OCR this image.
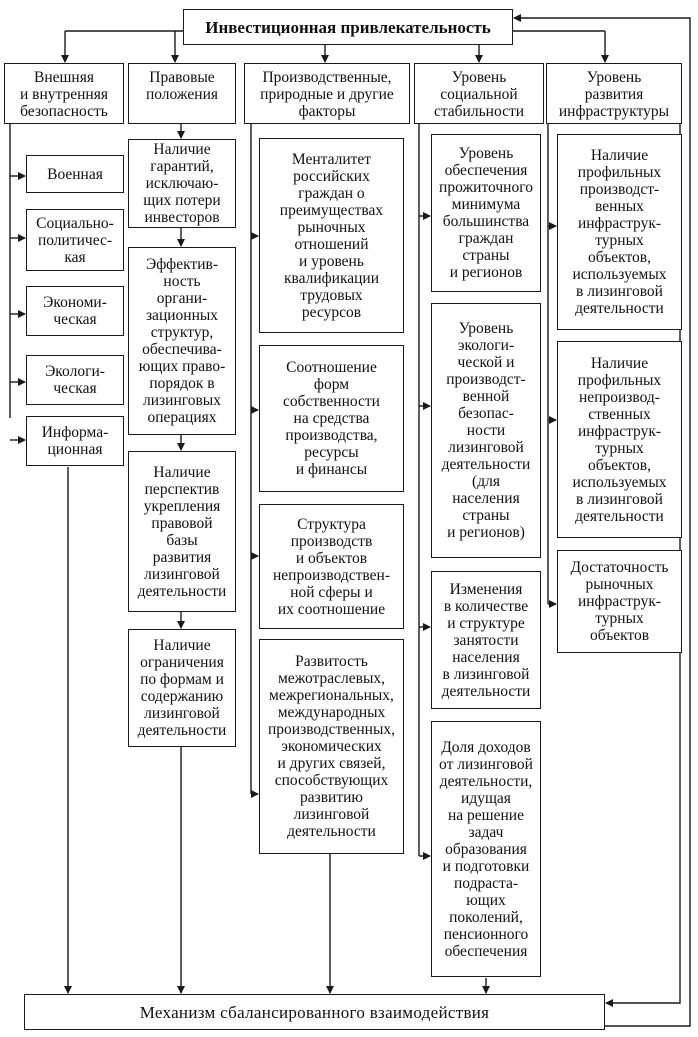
Инвестиционная привлекательность
Внешняя
и внутренняя
безопасность
Правовые
положения
Производственные,
природные и другие
факторы
Уровень
социальной
стабильности
Уровень
развития
инфраструктуры
Военная
Социально-
политичес-
кая
Экономи-
ческая
Экологи-
ческая
Информа-
ционная
Наличие
гарантий,
исключаю-
щих потери
инвесторов
Эффектив-
ность
органи-
зационных
структур,
обеспечива-
ющих право-
порядок в
лизинговых
операциях
Наличие
перспектив
укрепления
правовой
базы
развития
лизинговой
деятельности
Наличие
ограничения
по формам и
содержанию
лизинговой
деятельности
Менталитет
российских
граждан о
преимуществах
рыночных
отношений
и уровень
квалификации
трудовых
ресурсов
Соотношение
форм
собственности
на средства
производства,
ресурсы
и финансы
Структура
производств
и объектов
непроизводствен-
ной сферы и
их соотношение
Развитость
межотраслевых,
межрегиональных,
международных
производственных,
экономических
и других связей,
способствующих
развитию
лизинговой
деятельности
Уровень
обеспечения
прожиточного
минимума
большинства
граждан
страны
и регионов
Уровень
экологи-
ческой и
производст-
венной
безопас-
ности
лизинговой
деятельности
(для
населения
страны
и регионов)
Изменения
в количестве
и структуре
занятости
населения
в лизинговой
деятельности
Доля доходов
от лизинговой
деятельности,
идущая
на решение
задач
образования
и подготовки
подраста-
ющих
поколений,
пенсионного
обеспечения
Наличие
профильных
производст-
венных
инфраструк-
турных
объектов,
используемых
в лизинговой
деятельности
Наличие
профильных
непроизвод-
ственных
инфраструк-
турных
объектов,
используемых
в лизинговой
деятельности
Достаточность
рыночных
инфраструк-
турных
объектов
Механизм сбалансированного взаимодействия
